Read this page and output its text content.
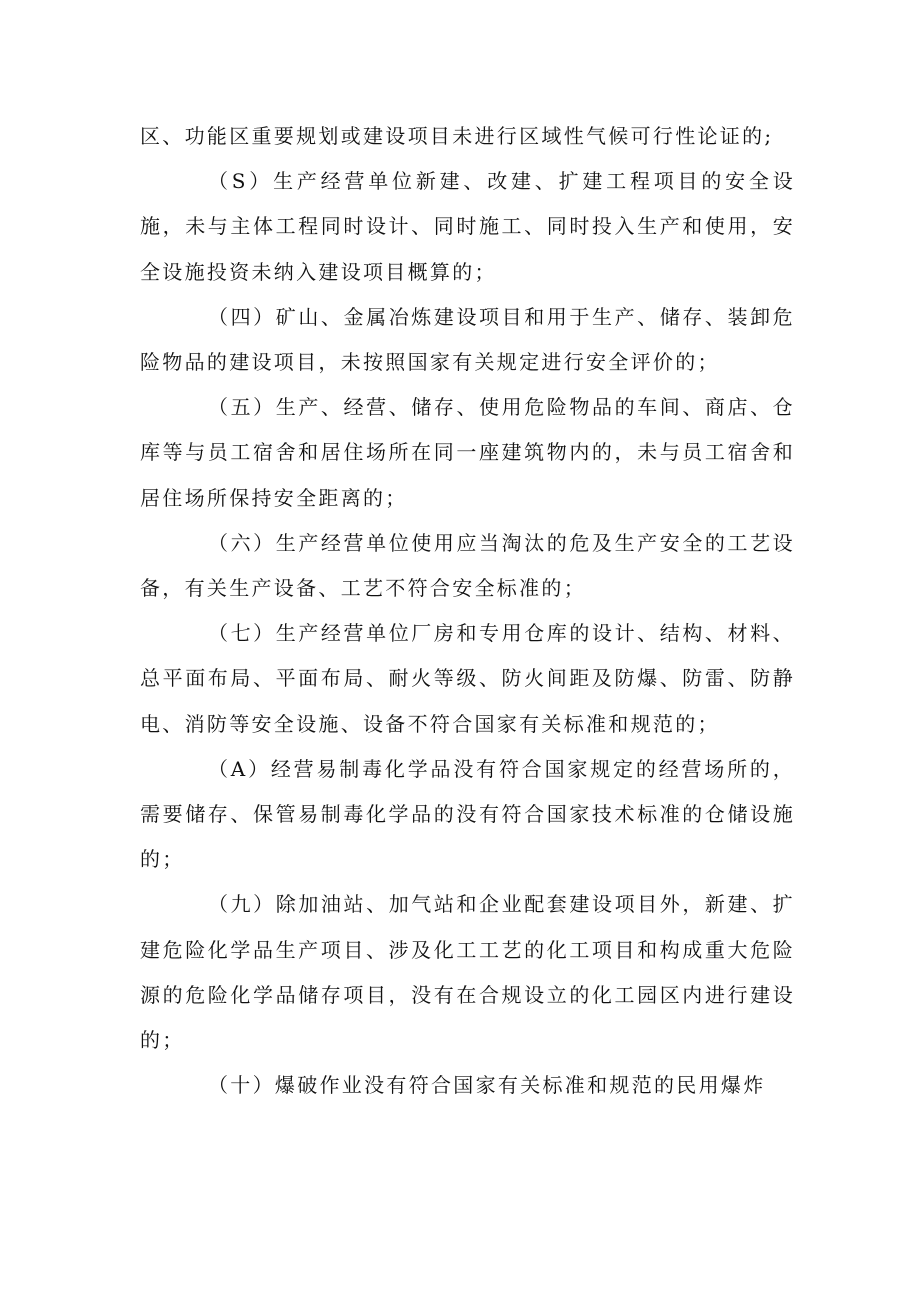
区、功能区重要规划或建设项目未进行区域性气候可行性论证的;

（S）生产经营单位新建、改建、扩建工程项目的安全设施，未与主体工程同时设计、同时施工、同时投入生产和使用，安全设施投资未纳入建设项目概算的；

（四）矿山、金属冶炼建设项目和用于生产、储存、装卸危险物品的建设项目，未按照国家有关规定进行安全评价的；

（五）生产、经营、储存、使用危险物品的车间、商店、仓库等与员工宿舍和居住场所在同一座建筑物内的，未与员工宿舍和居住场所保持安全距离的；

（六）生产经营单位使用应当淘汰的危及生产安全的工艺设备，有关生产设备、工艺不符合安全标准的；

（七）生产经营单位厂房和专用仓库的设计、结构、材料、总平面布局、平面布局、耐火等级、防火间距及防爆、防雷、防静电、消防等安全设施、设备不符合国家有关标准和规范的；

（A）经营易制毒化学品没有符合国家规定的经营场所的，需要储存、保管易制毒化学品的没有符合国家技术标准的仓储设施的；

（九）除加油站、加气站和企业配套建设项目外，新建、扩建危险化学品生产项目、涉及化工工艺的化工项目和构成重大危险源的危险化学品储存项目，没有在合规设立的化工园区内进行建设的；

（十）爆破作业没有符合国家有关标准和规范的民用爆炸
